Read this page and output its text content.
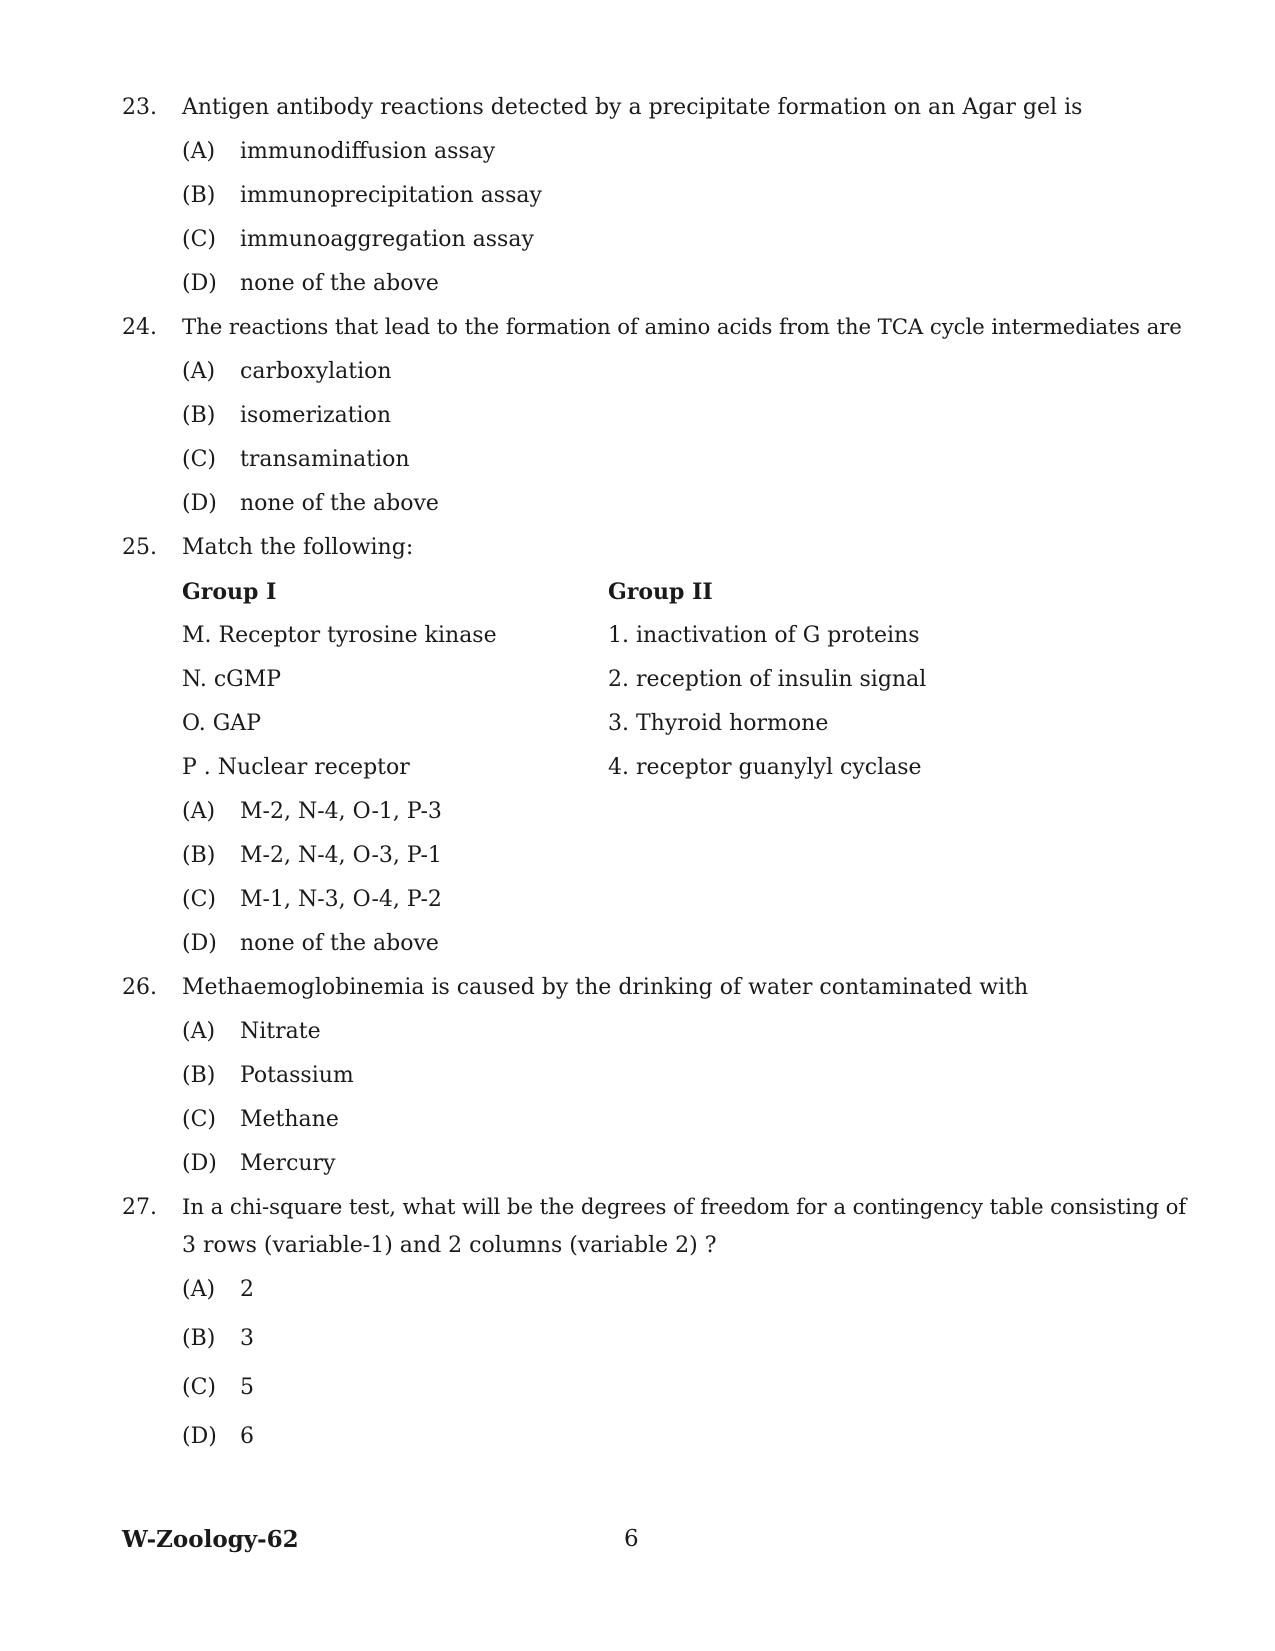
23. Antigen antibody reactions detected by a precipitate formation on an Agar gel is
(A) immunodiffusion assay
(B) immunoprecipitation assay
(C) immunoaggregation assay
(D) none of the above
24. The reactions that lead to the formation of amino acids from the TCA cycle intermediates are
(A) carboxylation
(B) isomerization
(C) transamination
(D) none of the above
25. Match the following:
Group I	Group II
M. Receptor tyrosine kinase	1. inactivation of G proteins
N. cGMP	2. reception of insulin signal
O. GAP	3. Thyroid hormone
P . Nuclear receptor	4. receptor guanylyl cyclase
(A) M-2, N-4, O-1, P-3
(B) M-2, N-4, O-3, P-1
(C) M-1, N-3, O-4, P-2
(D) none of the above
26. Methaemoglobinemia is caused by the drinking of water contaminated with
(A) Nitrate
(B) Potassium
(C) Methane
(D) Mercury
27. In a chi-square test, what will be the degrees of freedom for a contingency table consisting of
3 rows (variable-1) and 2 columns (variable 2) ?
(A) 2
(B) 3
(C) 5
(D) 6
W-Zoology-62	6
